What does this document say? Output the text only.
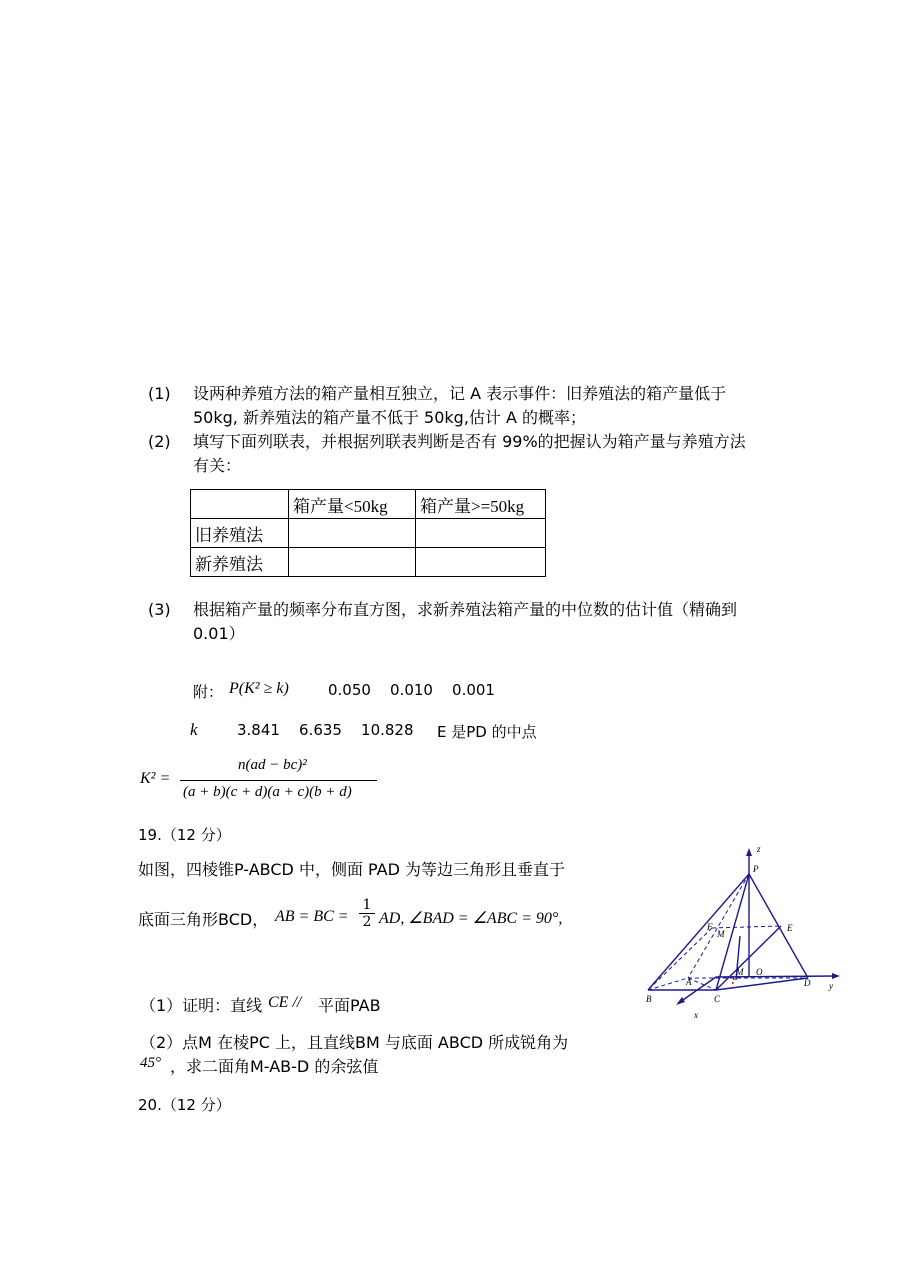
(1) 设两种养殖方法的箱产量相互独立，记 A 表示事件：旧养殖法的箱产量低于
50kg, 新养殖法的箱产量不低于 50kg,估计 A 的概率；
(2) 填写下面列联表，并根据列联表判断是否有 99%的把握认为箱产量与养殖方法
有关：
	箱产量<50kg	箱产量>=50kg
旧养殖法		
新养殖法		
(3) 根据箱产量的频率分布直方图，求新养殖法箱产量的中位数的估计值（精确到
0.01）
附： P(K² ≥ k)	0.050    0.010    0.001
k	3.841    6.635    10.828 E 是PD 的中点
K² =
n(ad − bc)²
(a + b)(c + d)(a + c)(b + d)
19.（12 分）
如图，四棱锥P-ABCD 中，侧面 PAD 为等边三角形且垂直于
底面三角形BCD， AB = BC = $\frac{1}{2}$ AD, ∠BAD = ∠ABC = 90°,
（1）证明：直线 CE // 平面PAB
（2）点M 在棱PC 上，且直线BM 与底面 ABCD 所成锐角为
45° ，求二面角M-AB-D 的余弦值
z
P
F
M
E
A
M O
B	C
D y
x
20.（12 分）
